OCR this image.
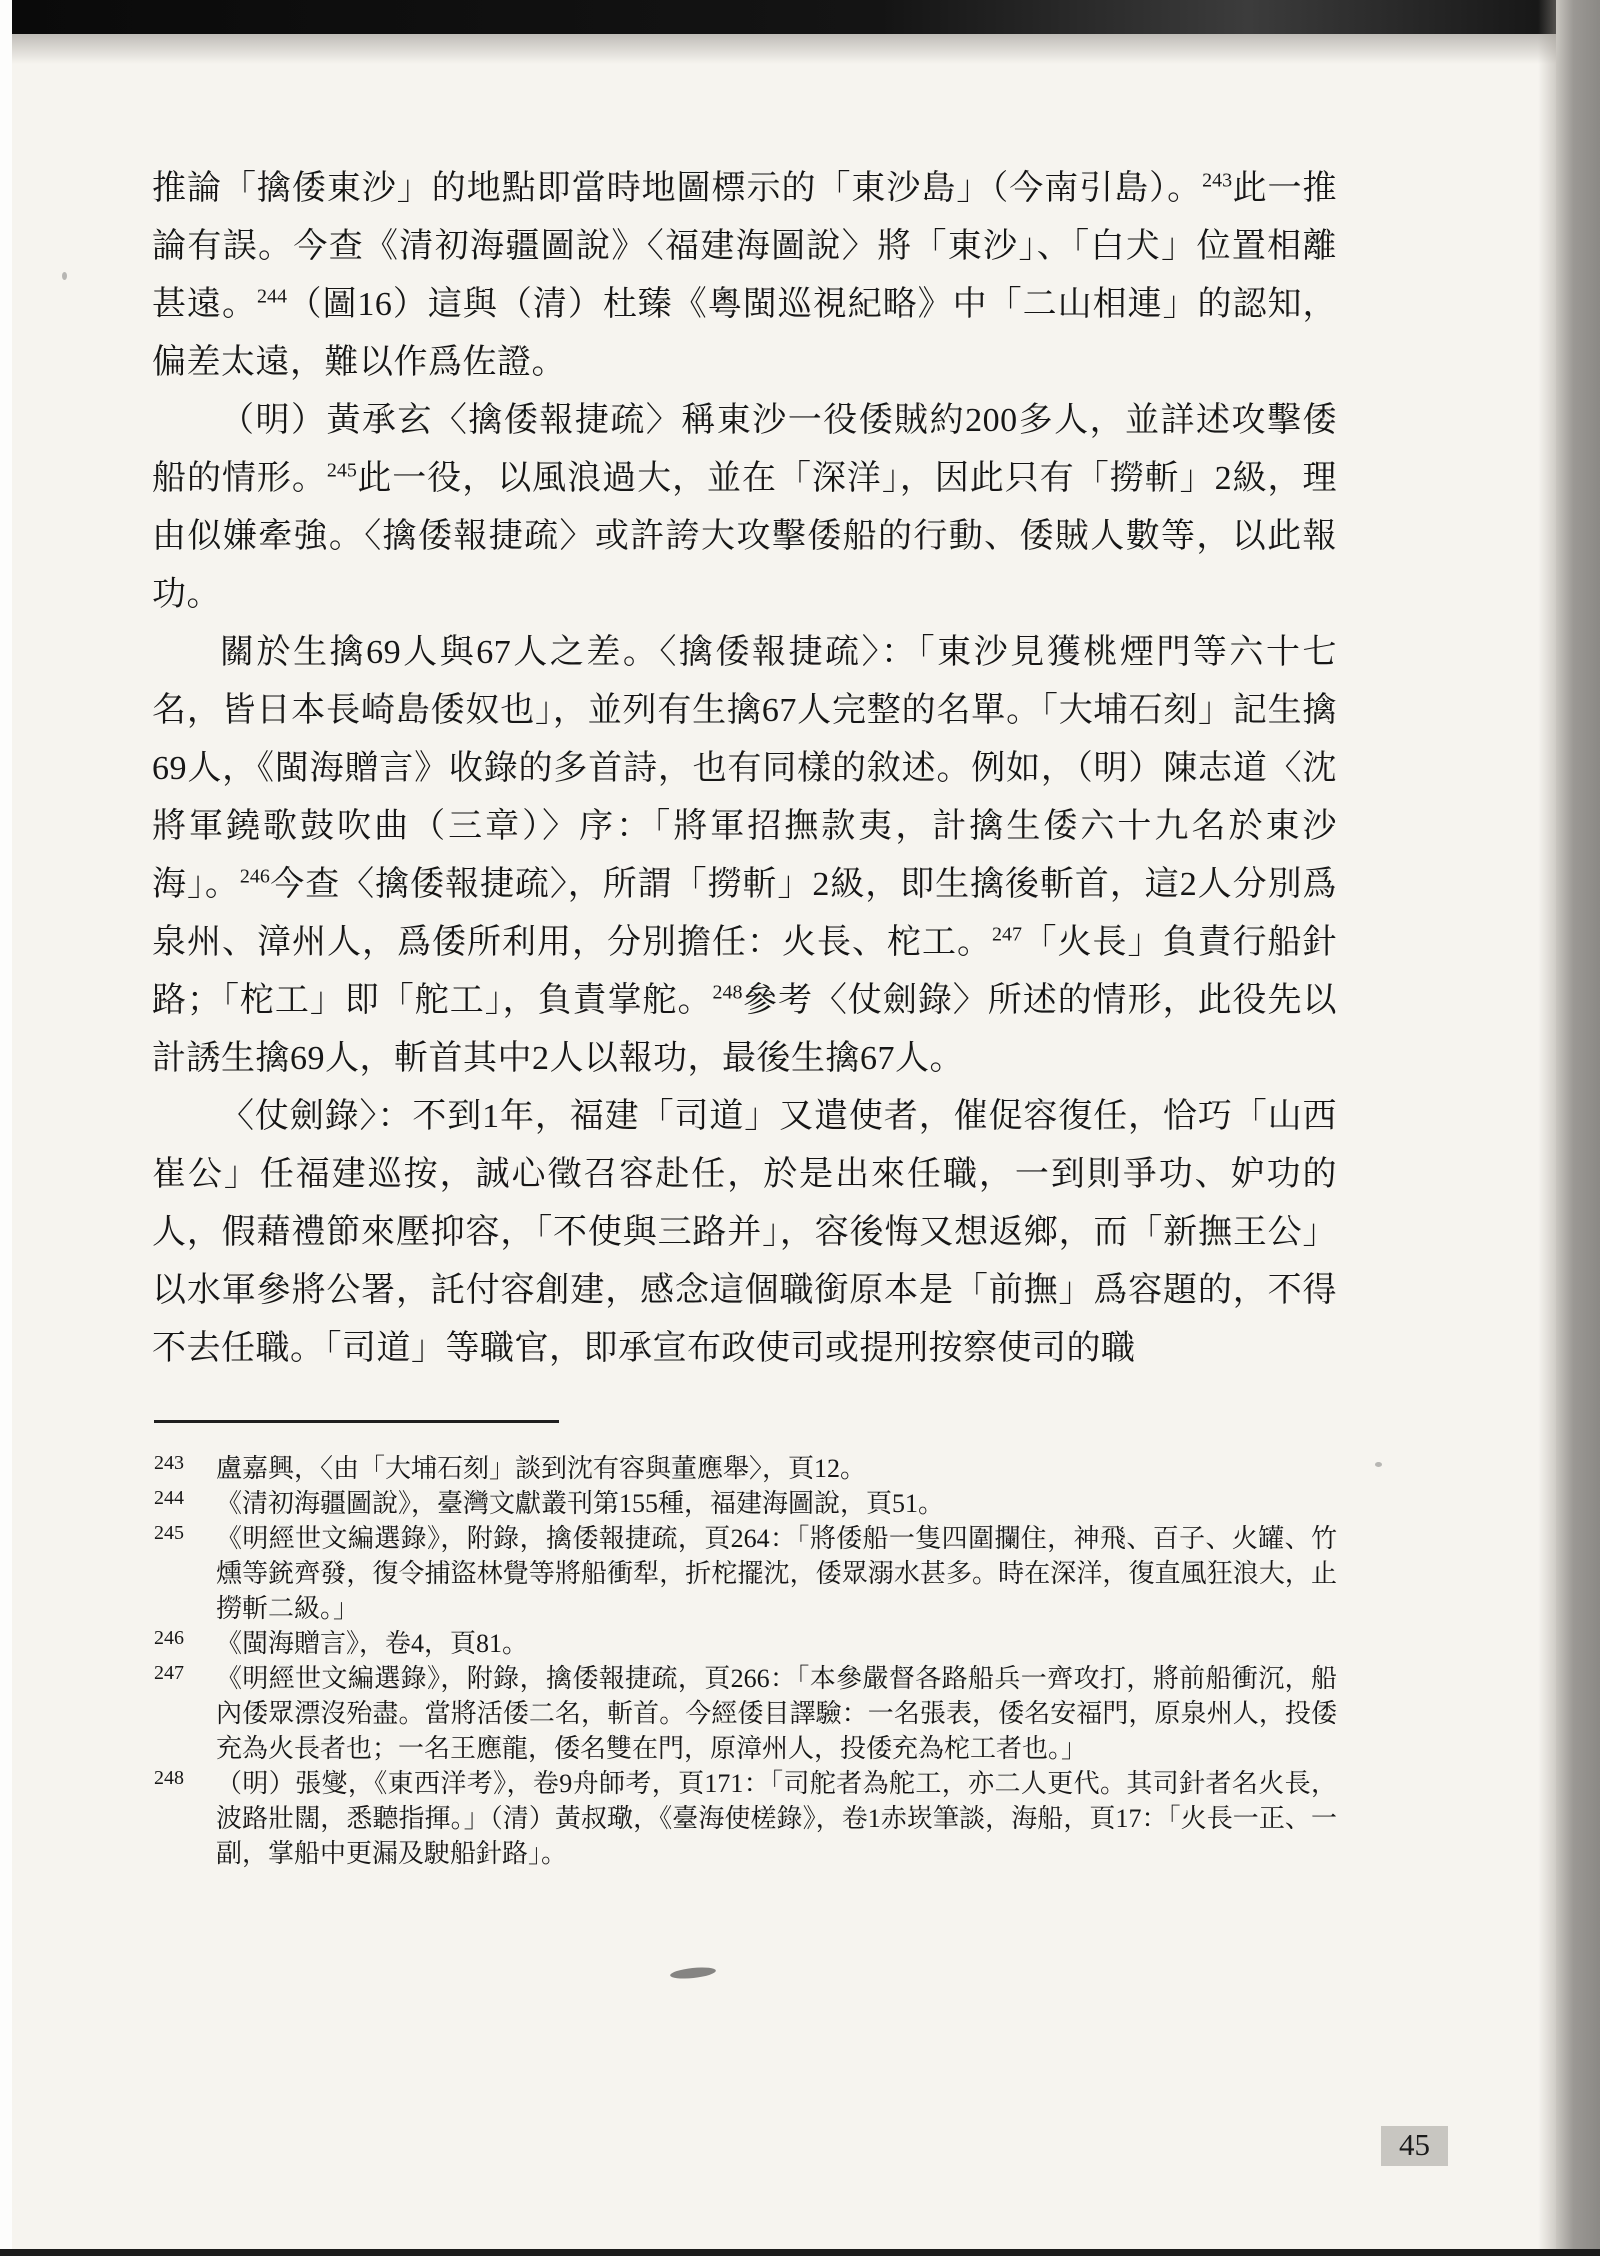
推論「擒倭東沙」的地點即當時地圖標示的「東沙島」（今南引島）。$^{243}$此一推論有誤。今查《清初海疆圖說》〈福建海圖說〉將「東沙」、「白犬」位置相離甚遠。$^{244}$（圖16）這與（清）杜臻《粵閩巡視紀略》中「二山相連」的認知，偏差太遠，難以作爲佐證。

（明）黃承玄〈擒倭報捷疏〉稱東沙一役倭賊約200多人，並詳述攻擊倭船的情形。$^{245}$此一役，以風浪過大，並在「深洋」，因此只有「撈斬」2級，理由似嫌牽強。〈擒倭報捷疏〉或許誇大攻擊倭船的行動、倭賊人數等，以此報功。

關於生擒69人與67人之差。〈擒倭報捷疏〉：「東沙見獲桃煙門等六十七名，皆日本長崎島倭奴也」，並列有生擒67人完整的名單。「大埔石刻」記生擒69人，《閩海贈言》收錄的多首詩，也有同樣的敘述。例如，（明）陳志道〈沈將軍鐃歌鼓吹曲（三章）〉序：「將軍招撫款夷，計擒生倭六十九名於東沙海」。$^{246}$今查〈擒倭報捷疏〉，所謂「撈斬」2級，即生擒後斬首，這2人分別爲泉州、漳州人，爲倭所利用，分別擔任：火長、柁工。$^{247}$「火長」負責行船針路；「柁工」即「舵工」，負責掌舵。$^{248}$參考〈仗劍錄〉所述的情形，此役先以計誘生擒69人，斬首其中2人以報功，最後生擒67人。

〈仗劍錄〉：不到1年，福建「司道」又遣使者，催促容復任，恰巧「山西崔公」任福建巡按，誠心徵召容赴任，於是出來任職，一到則爭功、妒功的人，假藉禮節來壓抑容，「不使與三路并」，容後悔又想返鄉，而「新撫王公」以水軍參將公署，託付容創建，感念這個職銜原本是「前撫」爲容題的，不得不去任職。「司道」等職官，即承宣布政使司或提刑按察使司的職

243 盧嘉興，〈由「大埔石刻」談到沈有容與董應舉〉，頁12。
244 《清初海疆圖說》，臺灣文獻叢刊第155種，福建海圖說，頁51。
245 《明經世文編選錄》，附錄，擒倭報捷疏，頁264：「將倭船一隻四圍攔住，神飛、百子、火罐、竹燻等銃齊發，復令捕盜林覺等將船衝犁，折柁擺沈，倭眾溺水甚多。時在深洋，復直風狂浪大，止撈斬二級。」
246 《閩海贈言》，卷4，頁81。
247 《明經世文編選錄》，附錄，擒倭報捷疏，頁266：「本參嚴督各路船兵一齊攻打，將前船衝沉，船內倭眾漂沒殆盡。當將活倭二名，斬首。今經倭目譯驗：一名張表，倭名安福門，原泉州人，投倭充為火長者也；一名王應龍，倭名雙在門，原漳州人，投倭充為柁工者也。」
248 （明）張燮，《東西洋考》，卷9舟師考，頁171：「司舵者為舵工，亦二人更代。其司針者名火長，波路壯闊，悉聽指揮。」（清）黃叔璥，《臺海使槎錄》，卷1赤崁筆談，海船，頁17：「火長一正、一副，掌船中更漏及駛船針路」。
45
